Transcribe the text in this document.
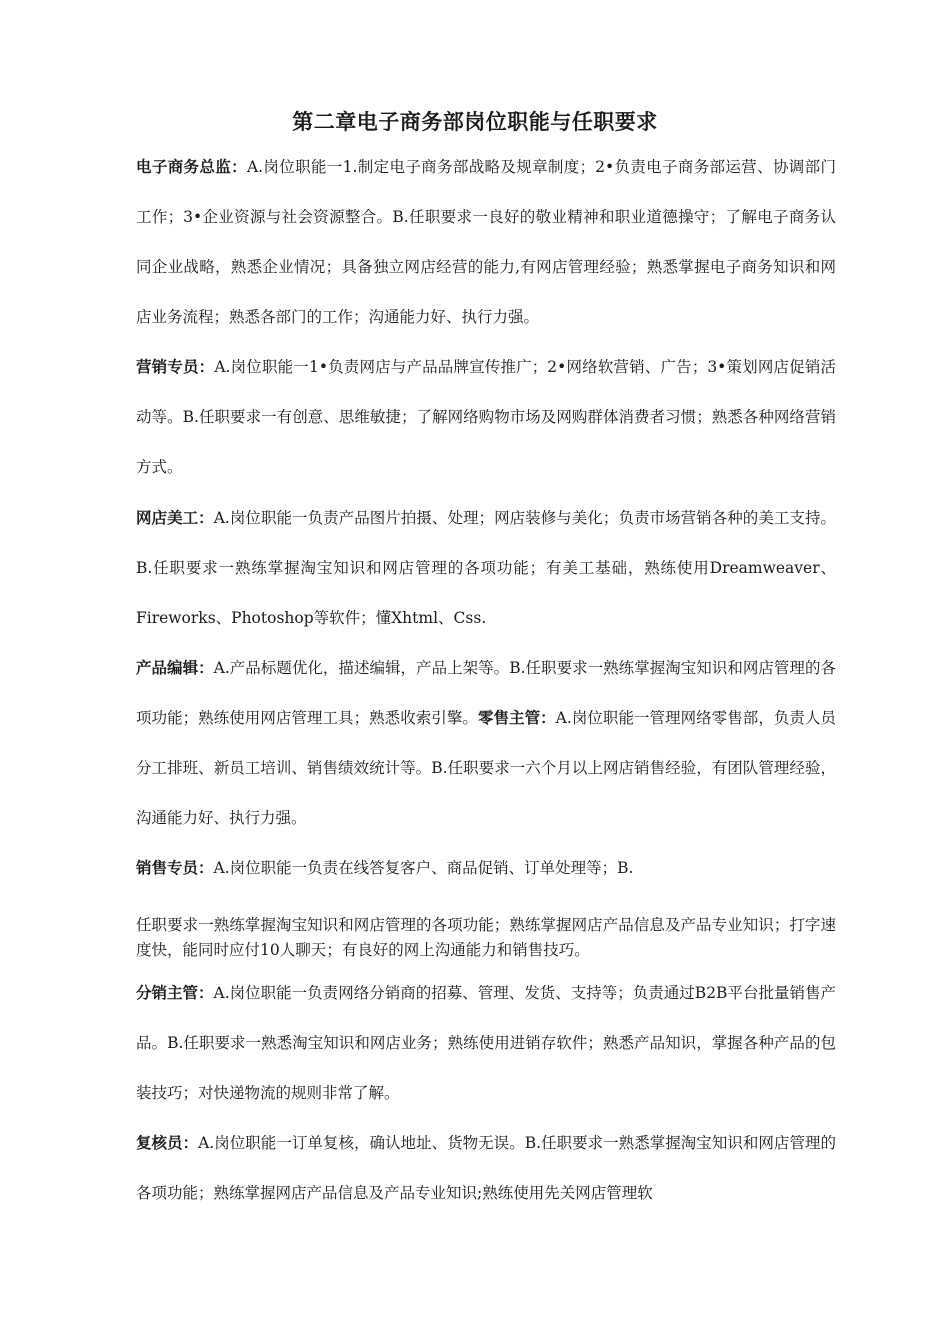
第二章电子商务部岗位职能与任职要求

电子商务总监：A.岗位职能一1.制定电子商务部战略及规章制度；2•负责电子商务部运营、协调部门工作；3•企业资源与社会资源整合。B.任职要求一良好的敬业精神和职业道德操守；了解电子商务认同企业战略，熟悉企业情况；具备独立网店经营的能力,有网店管理经验；熟悉掌握电子商务知识和网店业务流程；熟悉各部门的工作；沟通能力好、执行力强。

营销专员：A.岗位职能一1•负责网店与产品品牌宣传推广；2•网络软营销、广告；3•策划网店促销活动等。B.任职要求一有创意、思维敏捷；了解网络购物市场及网购群体消费者习惯；熟悉各种网络营销方式。

网店美工：A.岗位职能一负责产品图片拍摄、处理；网店装修与美化；负责市场营销各种的美工支持。B.任职要求一熟练掌握淘宝知识和网店管理的各项功能；有美工基础，熟练使用Dreamweaver、Fireworks、Photoshop等软件；懂Xhtml、Css.

产品编辑：A.产品标题优化，描述编辑，产品上架等。B.任职要求一熟练掌握淘宝知识和网店管理的各项功能；熟练使用网店管理工具；熟悉收索引擎。零售主管：A.岗位职能一管理网络零售部，负责人员分工排班、新员工培训、销售绩效统计等。B.任职要求一六个月以上网店销售经验，有团队管理经验，沟通能力好、执行力强。

销售专员：A.岗位职能一负责在线答复客户、商品促销、订单处理等；B.

任职要求一熟练掌握淘宝知识和网店管理的各项功能；熟练掌握网店产品信息及产品专业知识；打字速度快，能同时应付10人聊天；有良好的网上沟通能力和销售技巧。

分销主管：A.岗位职能一负责网络分销商的招募、管理、发货、支持等；负责通过B2B平台批量销售产品。B.任职要求一熟悉淘宝知识和网店业务；熟练使用进销存软件；熟悉产品知识，掌握各种产品的包装技巧；对快递物流的规则非常了解。

复核员：A.岗位职能一订单复核，确认地址、货物无误。B.任职要求一熟悉掌握淘宝知识和网店管理的各项功能；熟练掌握网店产品信息及产品专业知识;熟练使用先关网店管理软
